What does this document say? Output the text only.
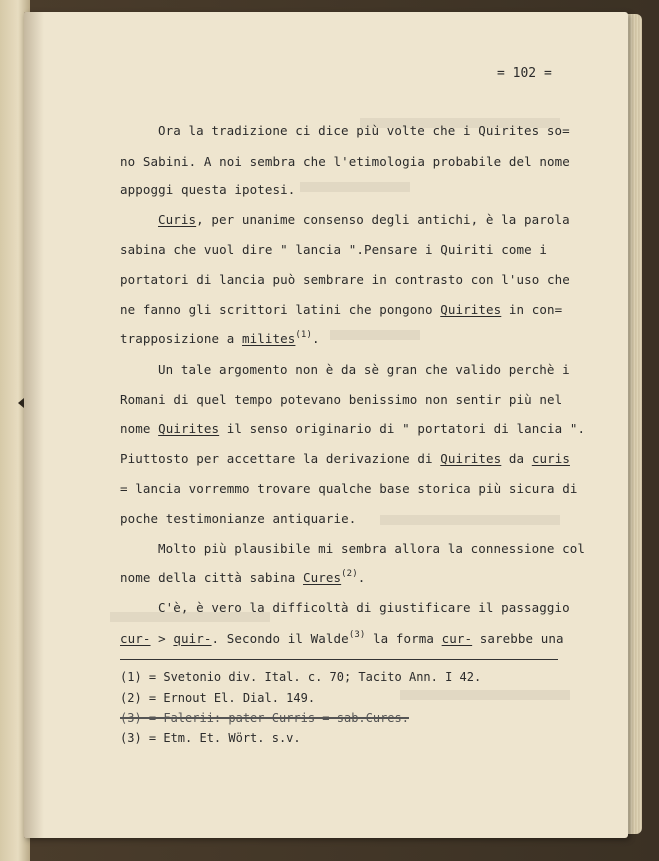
= 102 =
Ora la tradizione ci dice più volte che i Quirites so=
no Sabini. A noi sembra che l'etimologia probabile del nome
appoggi questa ipotesi.
Curis, per unanime consenso degli antichi, è la parola
sabina che vuol dire " lancia ".Pensare i Quiriti come i
portatori di lancia può sembrare in contrasto con l'uso che
ne fanno gli scrittori latini che pongono Quirites in con=
trapposizione a milites$^{(1)}$.
Un tale argomento non è da sè gran che valido perchè i
Romani di quel tempo potevano benissimo non sentir più nel
nome Quirites il senso originario di " portatori di lancia ".
Piuttosto per accettare la derivazione di Quirites da curis
= lancia vorremmo trovare qualche base storica più sicura di
poche testimonianze antiquarie.
Molto più plausibile mi sembra allora la connessione col
nome della città sabina Cures$^{(2)}$.
C'è, è vero la difficoltà di giustificare il passaggio
cur- > quir-. Secondo il Walde$^{(3)}$ la forma cur- sarebbe una
(1) = Svetonio div. Ital. c. 70; Tacito Ann. I 42.
(2) = Ernout El. Dial. 149.
(3) = Falerii: pater Curris = sab.Cures.
(3) = Etm. Et. Wört. s.v.
